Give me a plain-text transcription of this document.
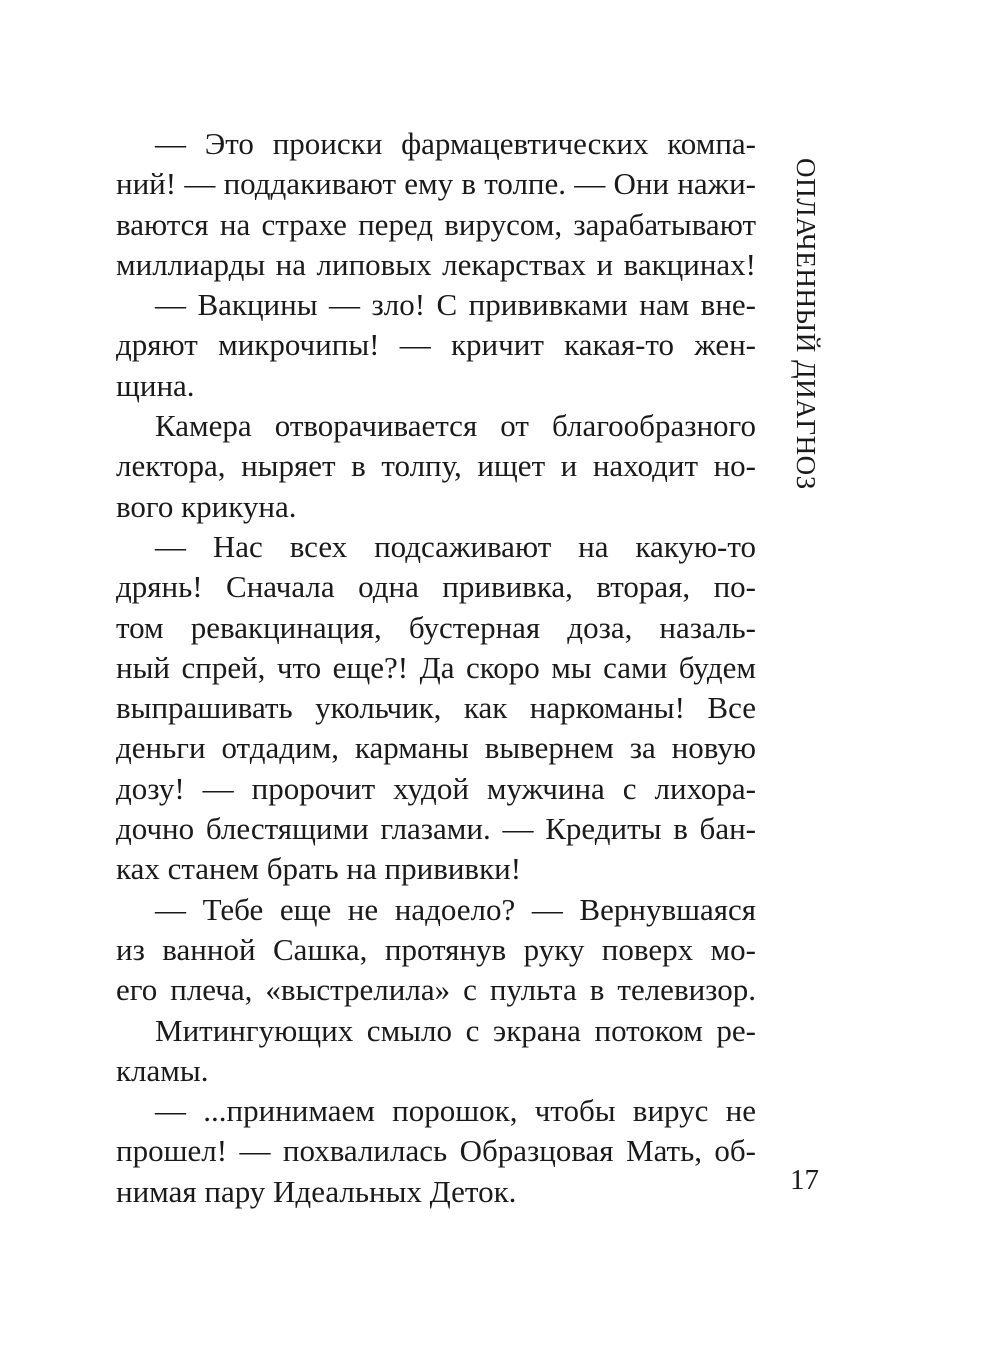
— Это происки фармацевтических компа-
ний! — поддакивают ему в толпе. — Они нажи-
ваются на страхе перед вирусом, зарабатывают
миллиарды на липовых лекарствах и вакцинах!
— Вакцины — зло! С прививками нам вне-
дряют микрочипы! — кричит какая-то жен-
щина.
Камера отворачивается от благообразного
лектора, ныряет в толпу, ищет и находит но-
вого крикуна.
— Нас всех подсаживают на какую-то
дрянь! Сначала одна прививка, вторая, по-
том ревакцинация, бустерная доза, назаль-
ный спрей, что еще?! Да скоро мы сами будем
выпрашивать укольчик, как наркоманы! Все
деньги отдадим, карманы вывернем за новую
дозу! — пророчит худой мужчина с лихора-
дочно блестящими глазами. — Кредиты в бан-
ках станем брать на прививки!
— Тебе еще не надоело? — Вернувшаяся
из ванной Сашка, протянув руку поверх мо-
его плеча, «выстрелила» с пульта в телевизор.
Митингующих смыло с экрана потоком ре-
кламы.
— ...принимаем порошок, чтобы вирус не
прошел! — похвалилась Образцовая Мать, об-
нимая пару Идеальных Деток.
ОПЛАЧЕННЫЙ ДИАГНОЗ
17
